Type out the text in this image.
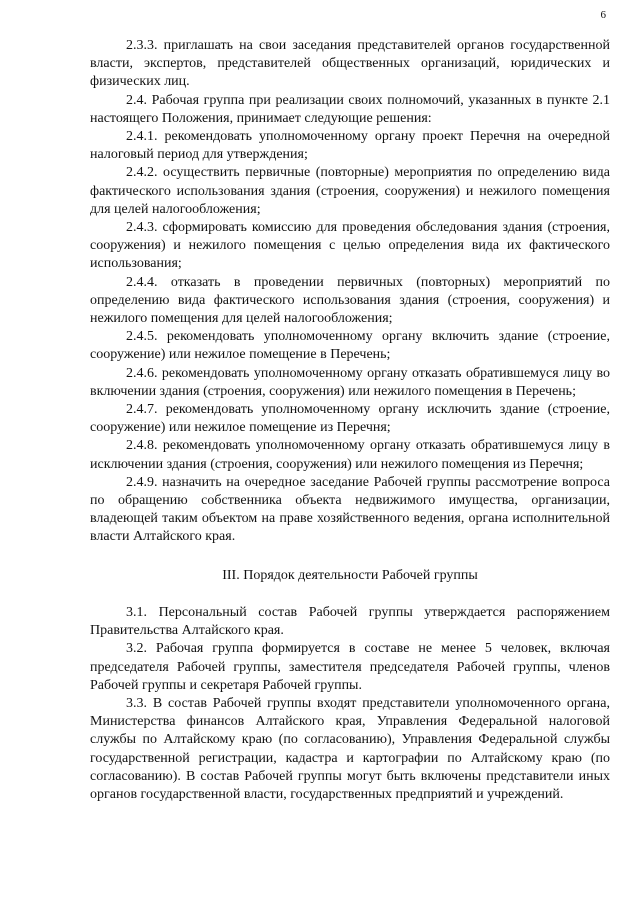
6

2.3.3. приглашать на свои заседания представителей органов государственной власти, экспертов, представителей общественных организаций, юридических и физических лиц.

2.4. Рабочая группа при реализации своих полномочий, указанных в пункте 2.1 настоящего Положения, принимает следующие решения:

2.4.1. рекомендовать уполномоченному органу проект Перечня на очередной налоговый период для утверждения;

2.4.2. осуществить первичные (повторные) мероприятия по определению вида фактического использования здания (строения, сооружения) и нежилого помещения для целей налогообложения;

2.4.3. сформировать комиссию для проведения обследования здания (строения, сооружения) и нежилого помещения с целью определения вида их фактического использования;

2.4.4. отказать в проведении первичных (повторных) мероприятий по определению вида фактического использования здания (строения, сооружения) и нежилого помещения для целей налогообложения;

2.4.5. рекомендовать уполномоченному органу включить здание (строение, сооружение) или нежилое помещение в Перечень;

2.4.6. рекомендовать уполномоченному органу отказать обратившемуся лицу во включении здания (строения, сооружения) или нежилого помещения в Перечень;

2.4.7. рекомендовать уполномоченному органу исключить здание (строение, сооружение) или нежилое помещение из Перечня;

2.4.8. рекомендовать уполномоченному органу отказать обратившемуся лицу в исключении здания (строения, сооружения) или нежилого помещения из Перечня;

2.4.9. назначить на очередное заседание Рабочей группы рассмотрение вопроса по обращению собственника объекта недвижимого имущества, организации, владеющей таким объектом на праве хозяйственного ведения, органа исполнительной власти Алтайского края.

III. Порядок деятельности Рабочей группы

3.1. Персональный состав Рабочей группы утверждается распоряжением Правительства Алтайского края.

3.2. Рабочая группа формируется в составе не менее 5 человек, включая председателя Рабочей группы, заместителя председателя Рабочей группы, членов Рабочей группы и секретаря Рабочей группы.

3.3. В состав Рабочей группы входят представители уполномоченного органа, Министерства финансов Алтайского края, Управления Федеральной налоговой службы по Алтайскому краю (по согласованию), Управления Федеральной службы государственной регистрации, кадастра и картографии по Алтайскому краю (по согласованию). В состав Рабочей группы могут быть включены представители иных органов государственной власти, государственных предприятий и учреждений.
